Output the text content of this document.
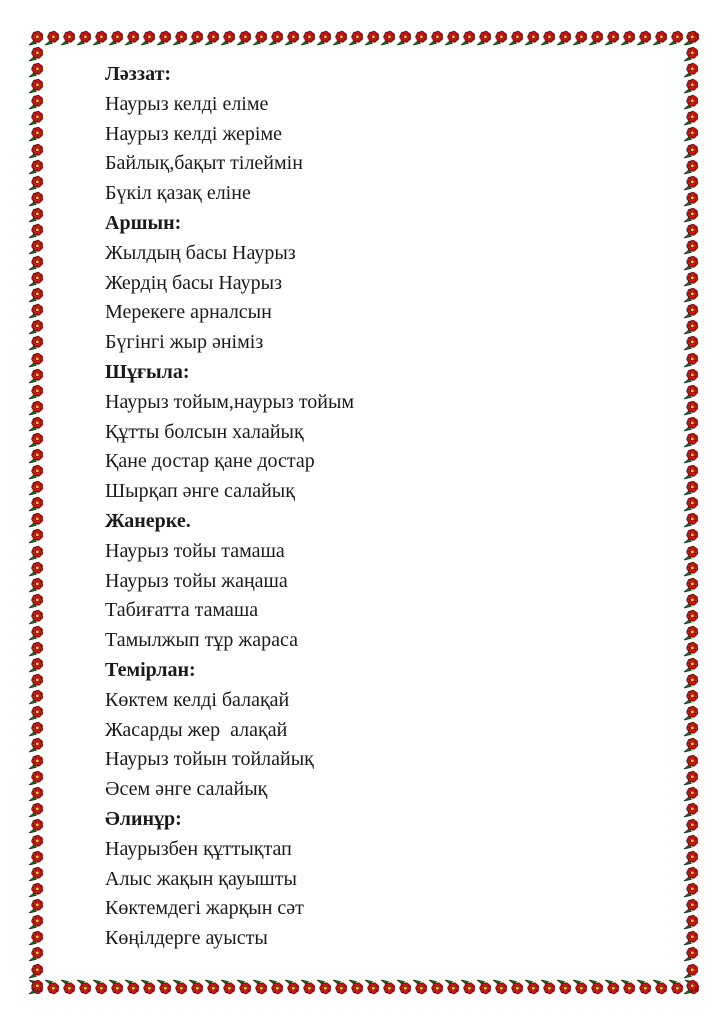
Ләззат:

Наурыз келді еліме

Наурыз келді жеріме

Байлық,бақыт тілеймін

Бүкіл қазақ еліне

Аршын:

Жылдың басы Наурыз

Жердің басы Наурыз

Мерекеге арналсын

Бүгінгі жыр әніміз

Шұғыла:

Наурыз тойым,наурыз тойым

Құтты болсын халайық

Қане достар қане достар

Шырқап әнге салайық

Жанерке.

Наурыз тойы тамаша

Наурыз тойы жаңаша

Табиғатта тамаша

Тамылжып тұр жараса

Темірлан:

Көктем келді балақай

Жасарды жер  алақай

Наурыз тойын тойлайық

Әсем әнге салайық

Әлинұр:

Наурызбен құттықтап

Алыс жақын қауышты

Көктемдегі жарқын сәт

Көңілдерге ауысты
